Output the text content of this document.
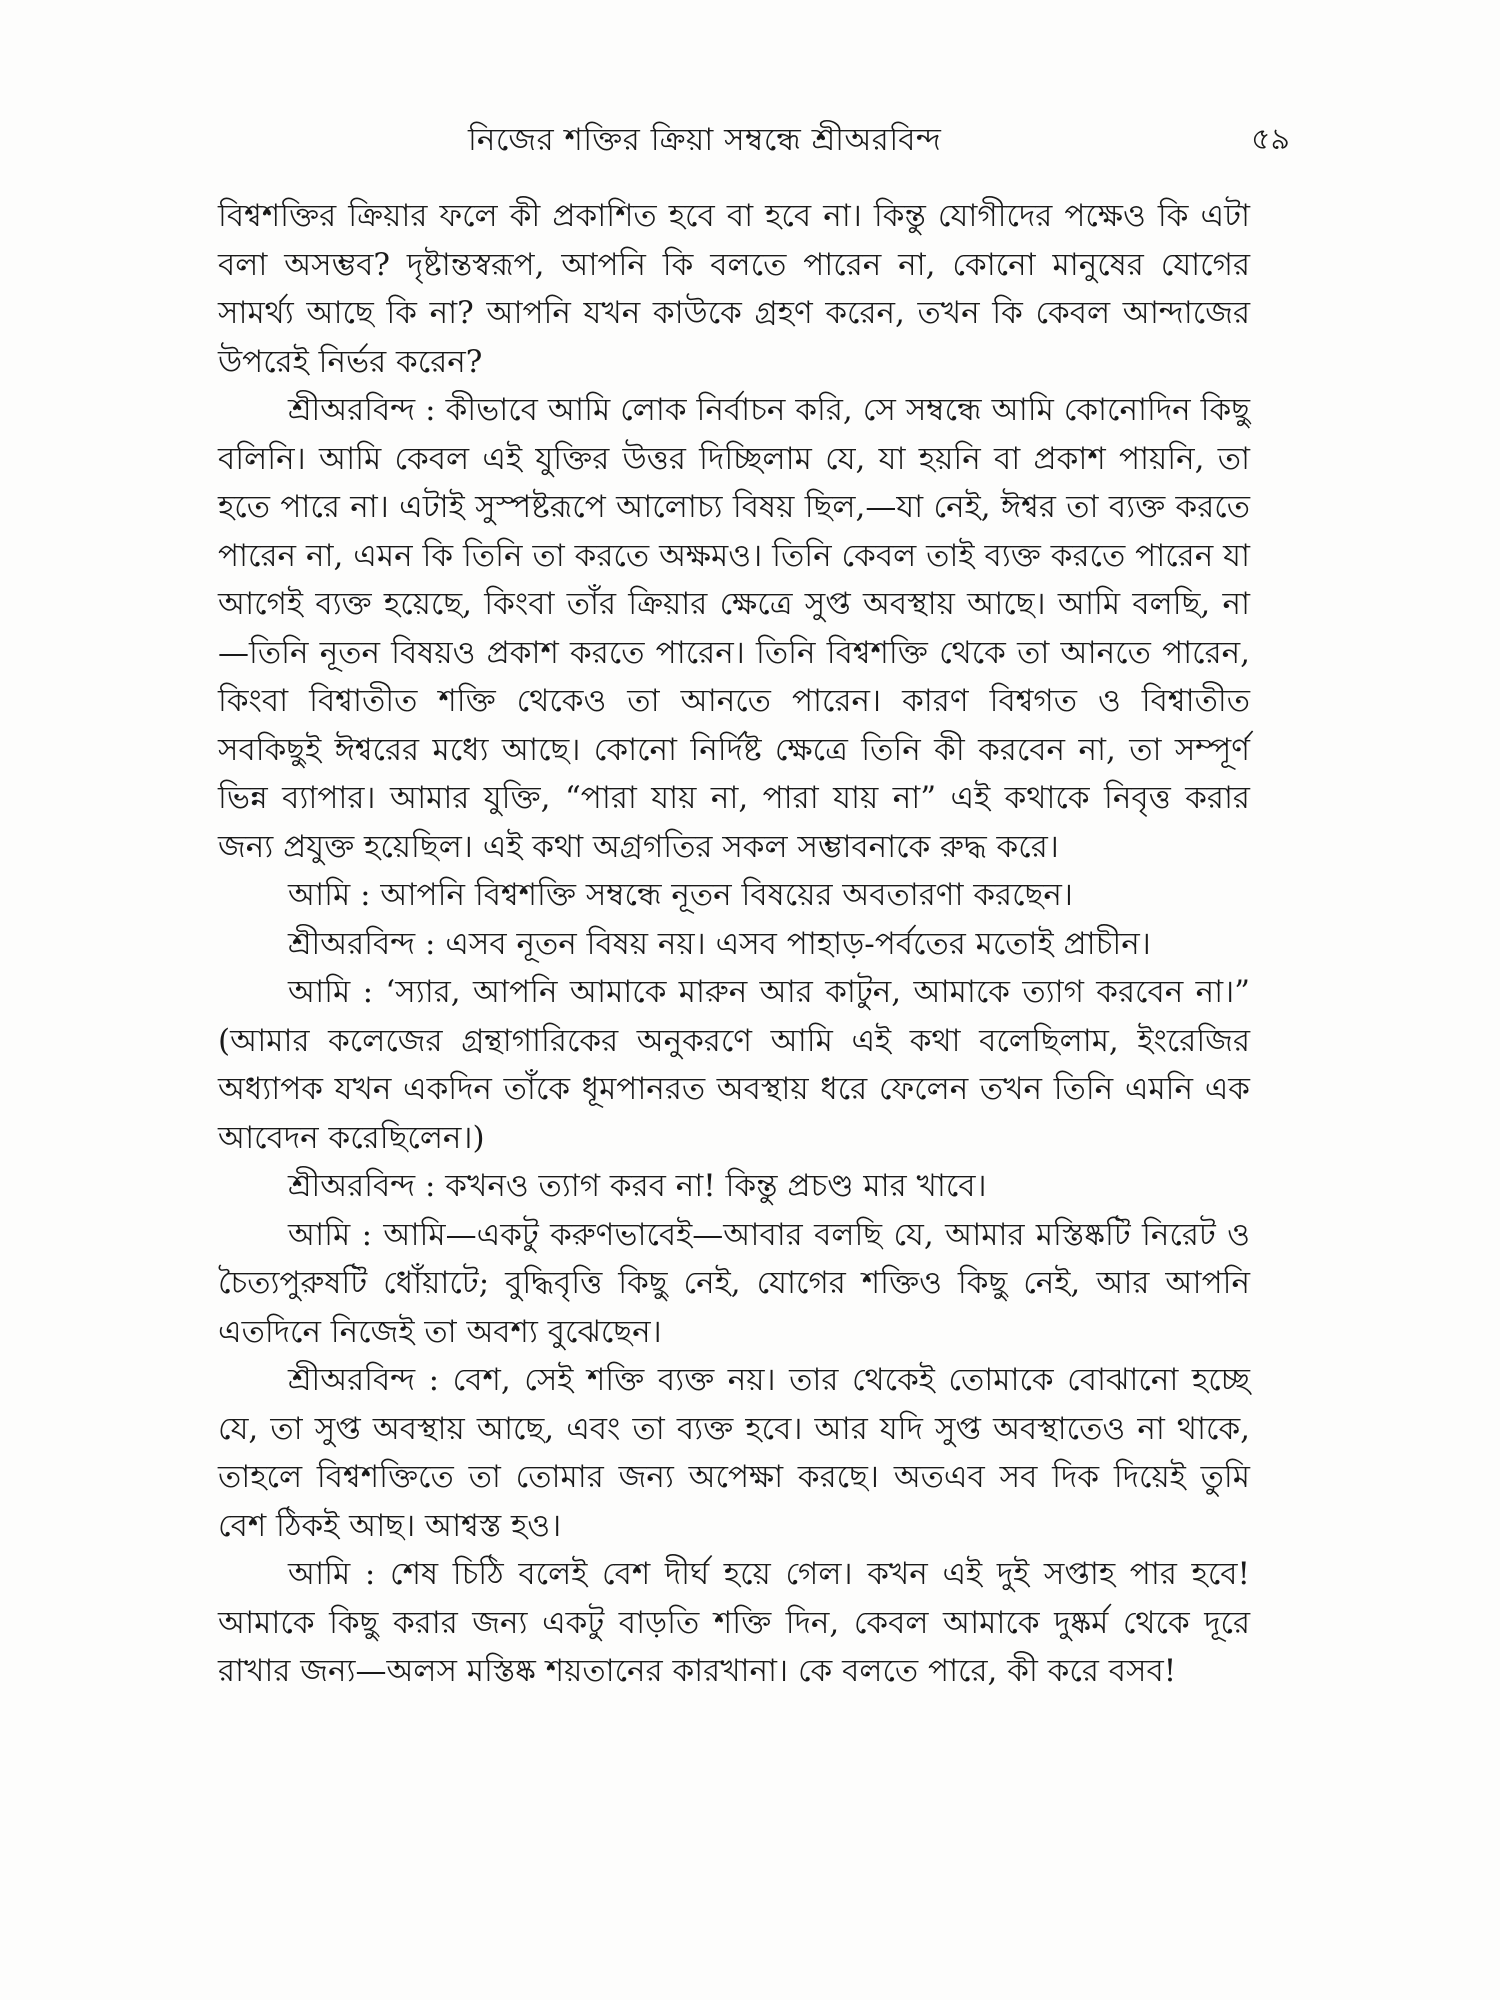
নিজের শক্তির ক্রিয়া সম্বন্ধে শ্রীঅরবিন্দ	৫৯

বিশ্বশক্তির ক্রিয়ার ফলে কী প্রকাশিত হবে বা হবে না। কিন্তু যোগীদের পক্ষেও কি এটা বলা অসম্ভব? দৃষ্টান্তস্বরূপ, আপনি কি বলতে পারেন না, কোনো মানুষের যোগের সামর্থ্য আছে কি না? আপনি যখন কাউকে গ্রহণ করেন, তখন কি কেবল আন্দাজের উপরেই নির্ভর করেন?

শ্রীঅরবিন্দ : কীভাবে আমি লোক নির্বাচন করি, সে সম্বন্ধে আমি কোনোদিন কিছু বলিনি। আমি কেবল এই যুক্তির উত্তর দিচ্ছিলাম যে, যা হয়নি বা প্রকাশ পায়নি, তা হতে পারে না। এটাই সুস্পষ্টরূপে আলোচ্য বিষয় ছিল,—যা নেই, ঈশ্বর তা ব্যক্ত করতে পারেন না, এমন কি তিনি তা করতে অক্ষমও। তিনি কেবল তাই ব্যক্ত করতে পারেন যা আগেই ব্যক্ত হয়েছে, কিংবা তাঁর ক্রিয়ার ক্ষেত্রে সুপ্ত অবস্থায় আছে। আমি বলছি, না—তিনি নূতন বিষয়ও প্রকাশ করতে পারেন। তিনি বিশ্বশক্তি থেকে তা আনতে পারেন, কিংবা বিশ্বাতীত শক্তি থেকেও তা আনতে পারেন। কারণ বিশ্বগত ও বিশ্বাতীত সবকিছুই ঈশ্বরের মধ্যে আছে। কোনো নির্দিষ্ট ক্ষেত্রে তিনি কী করবেন না, তা সম্পূর্ণ ভিন্ন ব্যাপার। আমার যুক্তি, “পারা যায় না, পারা যায় না” এই কথাকে নিবৃত্ত করার জন্য প্রযুক্ত হয়েছিল। এই কথা অগ্রগতির সকল সম্ভাবনাকে রুদ্ধ করে।

আমি : আপনি বিশ্বশক্তি সম্বন্ধে নূতন বিষয়ের অবতারণা করছেন।

শ্রীঅরবিন্দ : এসব নূতন বিষয় নয়। এসব পাহাড়-পর্বতের মতোই প্রাচীন।

আমি : ‘স্যার, আপনি আমাকে মারুন আর কাটুন, আমাকে ত্যাগ করবেন না।” (আমার কলেজের গ্রন্থাগারিকের অনুকরণে আমি এই কথা বলেছিলাম, ইংরেজির অধ্যাপক যখন একদিন তাঁকে ধূমপানরত অবস্থায় ধরে ফেলেন তখন তিনি এমনি এক আবেদন করেছিলেন।)

শ্রীঅরবিন্দ : কখনও ত্যাগ করব না! কিন্তু প্রচণ্ড মার খাবে।

আমি : আমি—একটু করুণভাবেই—আবার বলছি যে, আমার মস্তিষ্কটি নিরেট ও চৈত্যপুরুষটি ধোঁয়াটে; বুদ্ধিবৃত্তি কিছু নেই, যোগের শক্তিও কিছু নেই, আর আপনি এতদিনে নিজেই তা অবশ্য বুঝেছেন।

শ্রীঅরবিন্দ : বেশ, সেই শক্তি ব্যক্ত নয়। তার থেকেই তোমাকে বোঝানো হচ্ছে যে, তা সুপ্ত অবস্থায় আছে, এবং তা ব্যক্ত হবে। আর যদি সুপ্ত অবস্থাতেও না থাকে, তাহলে বিশ্বশক্তিতে তা তোমার জন্য অপেক্ষা করছে। অতএব সব দিক দিয়েই তুমি বেশ ঠিকই আছ। আশ্বস্ত হও।

আমি : শেষ চিঠি বলেই বেশ দীর্ঘ হয়ে গেল। কখন এই দুই সপ্তাহ পার হবে! আমাকে কিছু করার জন্য একটু বাড়তি শক্তি দিন, কেবল আমাকে দুষ্কর্ম থেকে দূরে রাখার জন্য—অলস মস্তিষ্ক শয়তানের কারখানা। কে বলতে পারে, কী করে বসব!
